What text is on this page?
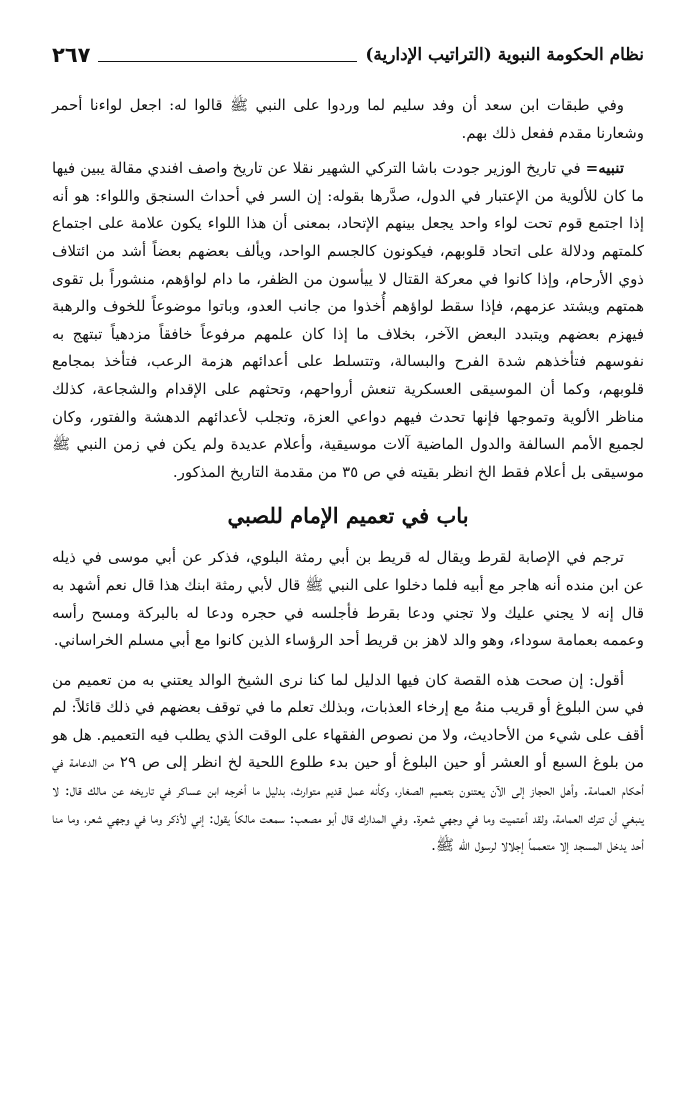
نظام الحكومة النبوية (التراتيب الإدارية)
٢٦٧

وفي طبقات ابن سعد أن وفد سليم لما وردوا على النبي ﷺ قالوا له: اجعل لواءنا أحمر وشعارنا مقدم ففعل ذلك بهم.

تنبيه= في تاريخ الوزير جودت باشا التركي الشهير نقلا عن تاريخ واصف افندي مقالة يبين فيها ما كان للألوية من الإعتبار في الدول، صدَّرها بقوله: إن السر في أحداث السنجق واللواء: هو أنه إذا اجتمع قوم تحت لواء واحد يجعل بينهم الإتحاد، بمعنى أن هذا اللواء يكون علامة على اجتماع كلمتهم ودلالة على اتحاد قلوبهم، فيكونون كالجسم الواحد، ويألف بعضهم بعضاً أشد من ائتلاف ذوي الأرحام، وإذا كانوا في معركة القتال لا ييأسون من الظفر، ما دام لواؤهم، منشوراً بل تقوى همتهم ويشتد عزمهم، فإذا سقط لواؤهم أُخذوا من جانب العدو، وباتوا موضوعاً للخوف والرهبة فيهزم بعضهم ويتبدد البعض الآخر، بخلاف ما إذا كان علمهم مرفوعاً خافقاً مزدهياً تبتهج به نفوسهم فتأخذهم شدة الفرح والبسالة، وتتسلط على أعدائهم هزمة الرعب، فتأخذ بمجامع قلوبهم، وكما أن الموسيقى العسكرية تنعش أرواحهم، وتحثهم على الإقدام والشجاعة، كذلك مناظر الألوية وتموجها فإنها تحدث فيهم دواعي العزة، وتجلب لأعدائهم الدهشة والفتور، وكان لجميع الأمم السالفة والدول الماضية آلات موسيقية، وأعلام عديدة ولم يكن في زمن النبي ﷺ موسيقى بل أعلام فقط الخ انظر بقيته في ص ٣٥ من مقدمة التاريخ المذكور.

باب في تعميم الإمام للصبي

ترجم في الإصابة لقرط ويقال له قريط بن أبي رمثة البلوي، فذكر عن أبي موسى في ذيله عن ابن منده أنه هاجر مع أبيه فلما دخلوا على النبي ﷺ قال لأبي رمثة ابنك هذا قال نعم أشهد به قال إنه لا يجني عليك ولا تجني ودعا بقرط فأجلسه في حجره ودعا له بالبركة ومسح رأسه وعممه بعمامة سوداء، وهو والد لاهز بن قريط أحد الرؤساء الذين كانوا مع أبي مسلم الخراساني.

أقول: إن صحت هذه القصة كان فيها الدليل لما كنا نرى الشيخ الوالد يعتني به من تعميم من في سن البلوغ أو قريب منهُ مع إرخاء العذبات، وبذلك تعلم ما في توقف بعضهم في ذلك قائلاً: لم أقف على شيء من الأحاديث، ولا من نصوص الفقهاء على الوقت الذي يطلب فيه التعميم. هل هو من بلوغ السبع أو العشر أو حين البلوغ أو حين بدء طلوع اللحية لخ انظر إلى ص ٢٩ من الدعامة في أحكام العمامة. وأهل الحجاز إلى الآن يعتنون بتعميم الصغار، وكأنه عمل قديم متوارث، بدليل ما أخرجه ابن عساكر في تاريخه عن مالك قال: لا ينبغي أن تترك العمامة، ولقد أعتميت وما في وجهي شعرة. وفي المدارك قال أبو مصعب: سمعت مالكاً يقول: إني لأذكر وما في وجهي شعر، وما منا أحد يدخل المسجد إلا متعمماً إجلالا لرسول الله ﷺ.
